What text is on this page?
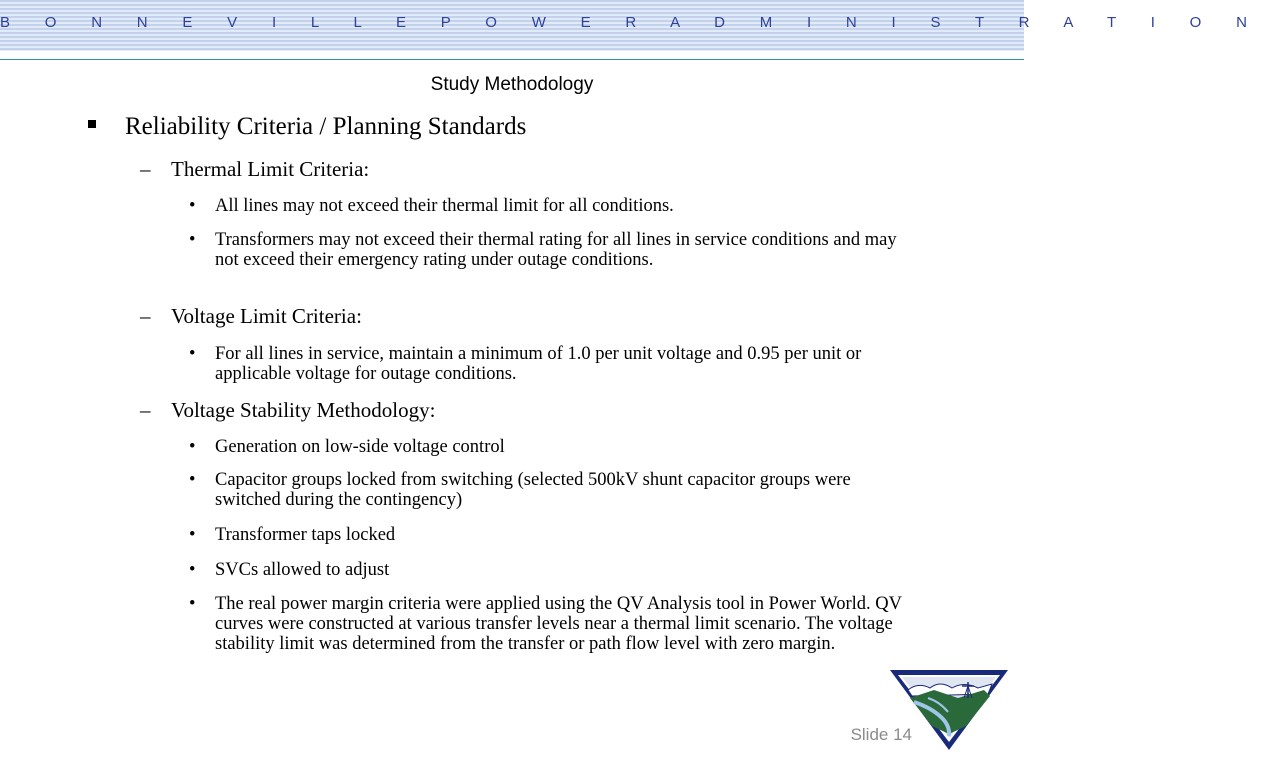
B O N N E V I L L E P O W E R A D M I N I S T R A T I O N
Study Methodology
Reliability Criteria / Planning Standards
– Thermal Limit Criteria:
• All lines may not exceed their thermal limit for all conditions.
• Transformers may not exceed their thermal rating for all lines in service conditions and may not exceed their emergency rating under outage conditions.
– Voltage Limit Criteria:
• For all lines in service, maintain a minimum of 1.0 per unit voltage and 0.95 per unit or applicable voltage for outage conditions.
– Voltage Stability Methodology:
• Generation on low-side voltage control
• Capacitor groups locked from switching (selected 500kV shunt capacitor groups were switched during the contingency)
• Transformer taps locked
• SVCs allowed to adjust
• The real power margin criteria were applied using the QV Analysis tool in Power World. QV curves were constructed at various transfer levels near a thermal limit scenario. The voltage stability limit was determined from the transfer or path flow level with zero margin.
Slide 14
